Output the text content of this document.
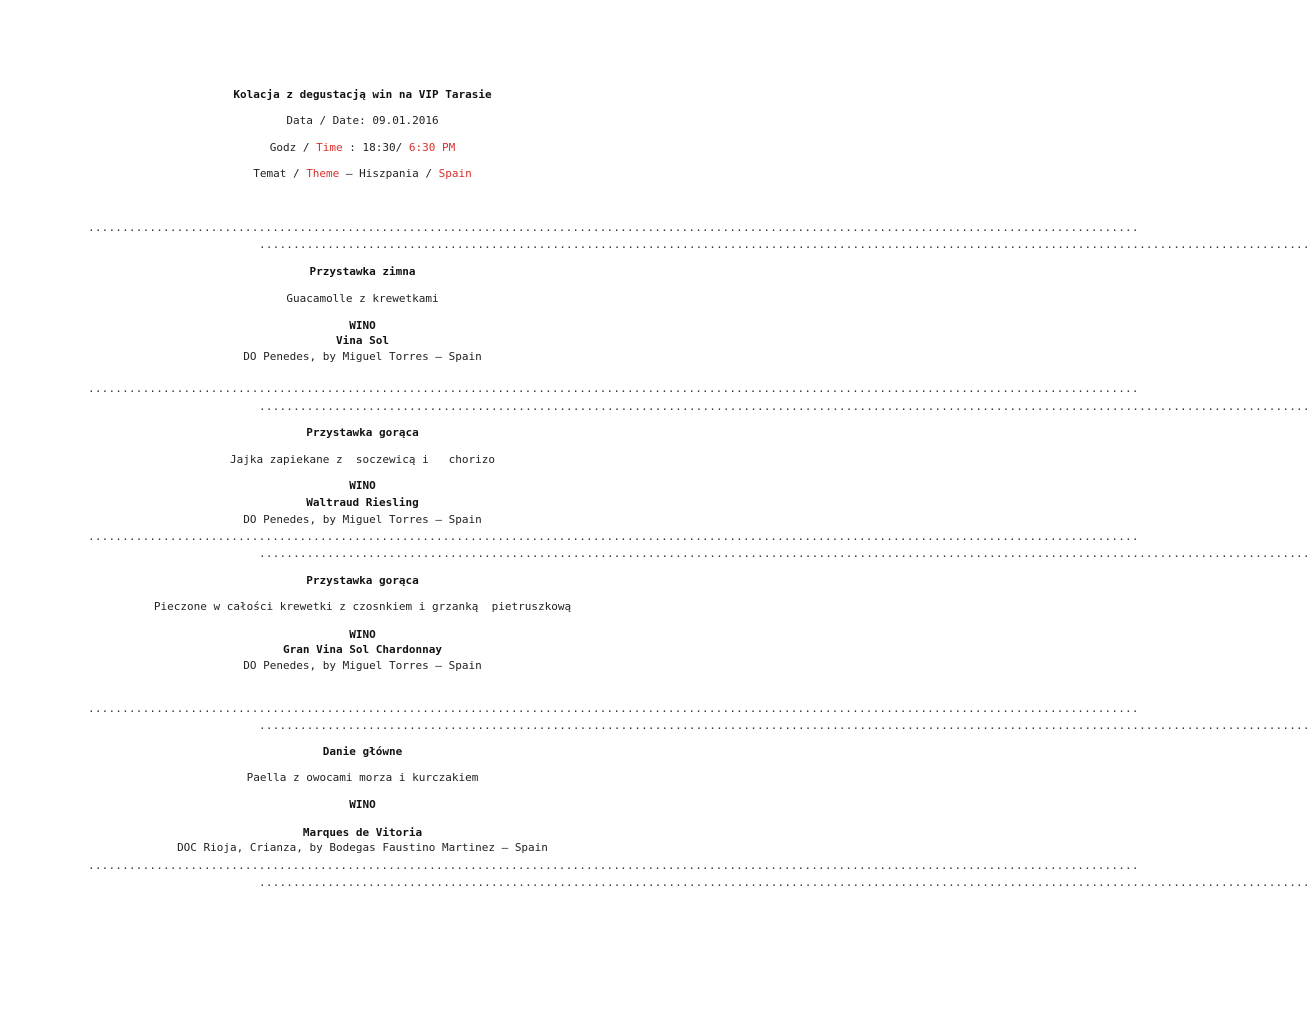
Kolacja z degustacją win na VIP Tarasie
Data / Date: 09.01.2016
Godz / Time : 18:30/ 6:30 PM
Temat / Theme – Hiszpania / Spain
..........................................................................................................................................................
..........................................................................................................................................................
Przystawka zimna
Guacamolle z krewetkami
WINO
Vina Sol
DO Penedes, by Miguel Torres – Spain
..........................................................................................................................................................
..........................................................................................................................................................
Przystawka gorąca
Jajka zapiekane z  soczewicą i   chorizo
WINO
Waltraud Riesling
DO Penedes, by Miguel Torres – Spain
..........................................................................................................................................................
..........................................................................................................................................................
Przystawka gorąca
Pieczone w całości krewetki z czosnkiem i grzanką  pietruszkową
WINO
Gran Vina Sol Chardonnay
DO Penedes, by Miguel Torres – Spain
..........................................................................................................................................................
..........................................................................................................................................................
Danie główne
Paella z owocami morza i kurczakiem
WINO
Marques de Vitoria
DOC Rioja, Crianza, by Bodegas Faustino Martinez – Spain
..........................................................................................................................................................
..........................................................................................................................................................
